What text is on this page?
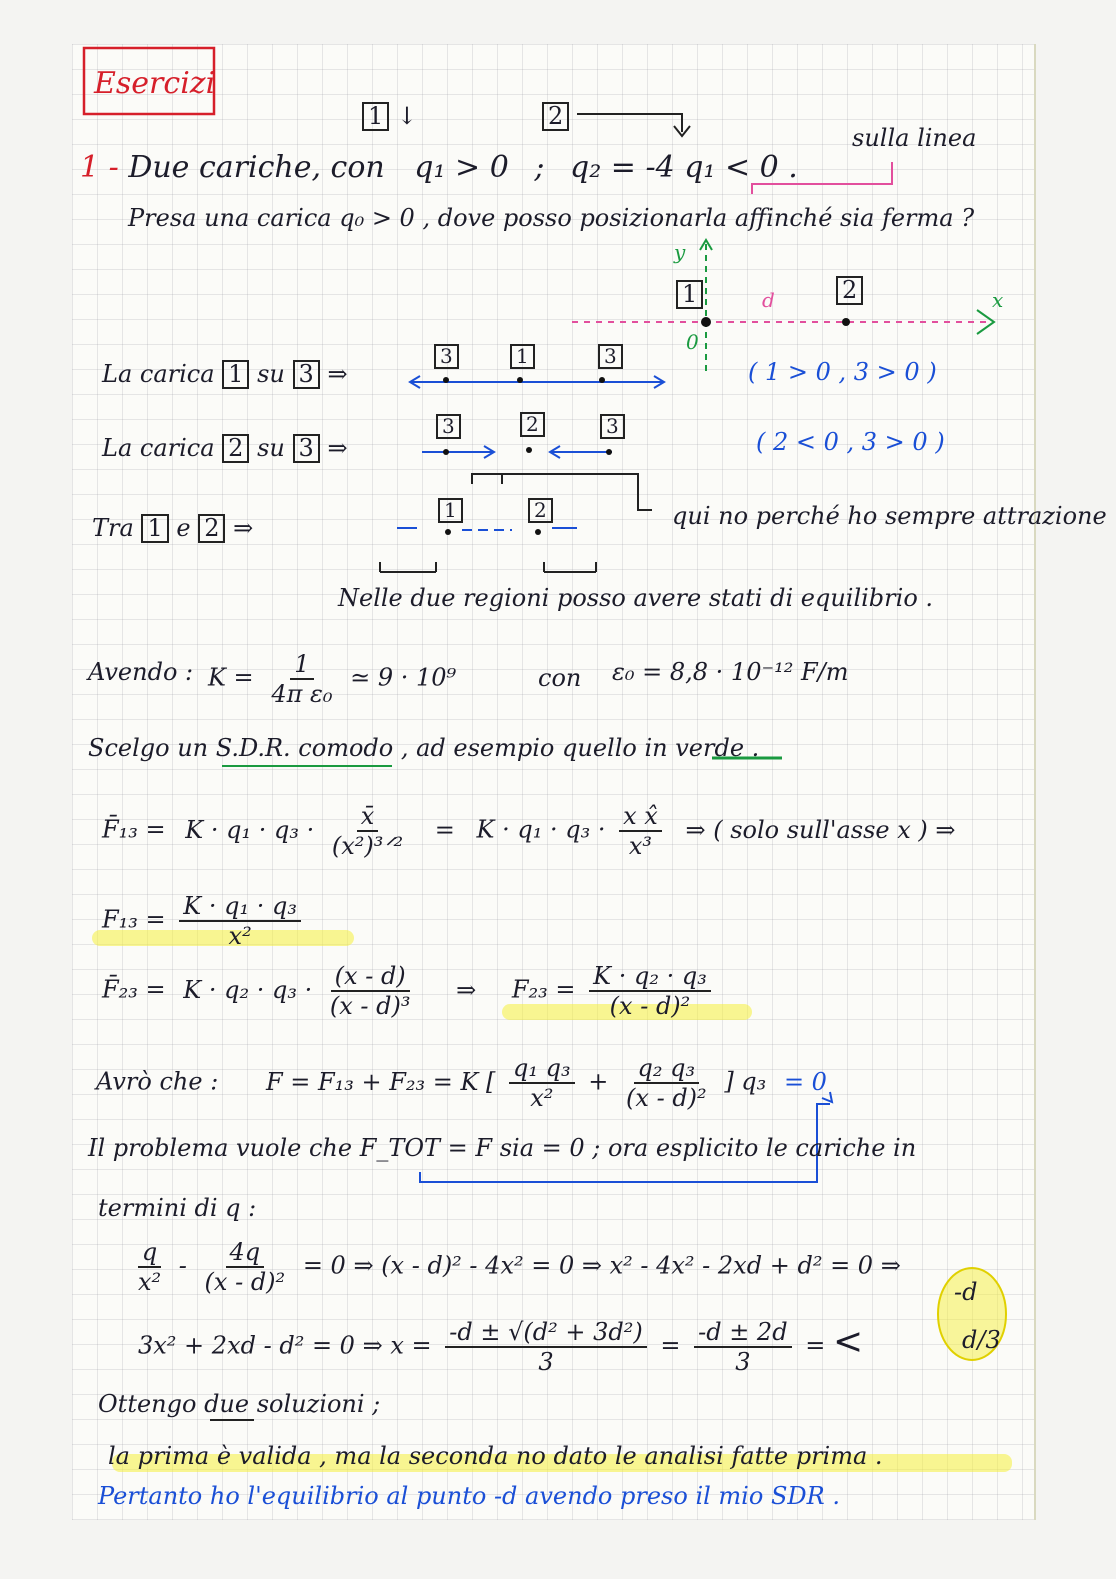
Esercizi
1 ↓	2
sulla linea
1 - Due cariche, con q₁ > 0 ; q₂ = -4 q₁ < 0 .
Presa una carica q₀ > 0 , dove posso posizionarla affinché sia ferma ?
y
x
0
d
1	2
La carica 1 su 3 ⇒
3	1	3
( 1 > 0 , 3 > 0 )
La carica 2 su 3 ⇒
3	2	3
( 2 < 0 , 3 > 0 )
Tra 1 e 2 ⇒
1	2	qui no perché ho sempre attrazione
Nelle due regioni posso avere stati di equilibrio .
Avendo : $K = \frac{1}{\text{4π ε₀}}$ ≃ 9 · 10⁹	con ε₀ = 8,8 · 10⁻¹² F/m
Scelgo un S.D.R. comodo , ad esempio quello in verde .
F̄₁₃ = $K \cdot q_1 \cdot q_3 \cdot \frac{x̄}{\text{(x²)³ᐟ²}} = K \cdot q_1 \cdot q_3 \cdot \frac{\text{x x̂}}{\text{x³}}$ ⇒ ( solo sull'asse x ) ⇒
$F_{13} = \frac{\text{K · q₁ · q₃}}{\text{x²}}$
F̄₂₃ = $K \cdot q_2 \cdot q_3 \cdot \frac{(x - d)}{\text{(x - d)³}}$ ⇒ $F_{23} = \frac{\text{K · q₂ · q₃}}{\text{(x - d)²}}$
Avrò che : F = F₁₃ + F₂₃ = K [ $\frac{\text{q₁ q₃}}{\text{x²}} + \frac{\text{q₂ q₃}}{\text{(x - d)²}}$ ] q₃ = 0
Il problema vuole che F_TOT = F sia = 0 ; ora esplicito le cariche in
termini di q :
$\frac{q}{\text{x²}} - \frac{4q}{\text{(x - d)²}} = 0$ ⇒ (x - d)² - 4x² = 0 ⇒ x² - 4x² - 2xd + d² = 0 ⇒
3x² + 2xd - d² = 0 ⇒ $x = \frac{\text{-d ± √(d² + 3d²)}}{3} = \frac{-d \pm 2d}{3}$ = <
-d
d/3
Ottengo due soluzioni ;
la prima è valida , ma la seconda no dato le analisi fatte prima .
Pertanto ho l'equilibrio al punto -d avendo preso il mio SDR .
